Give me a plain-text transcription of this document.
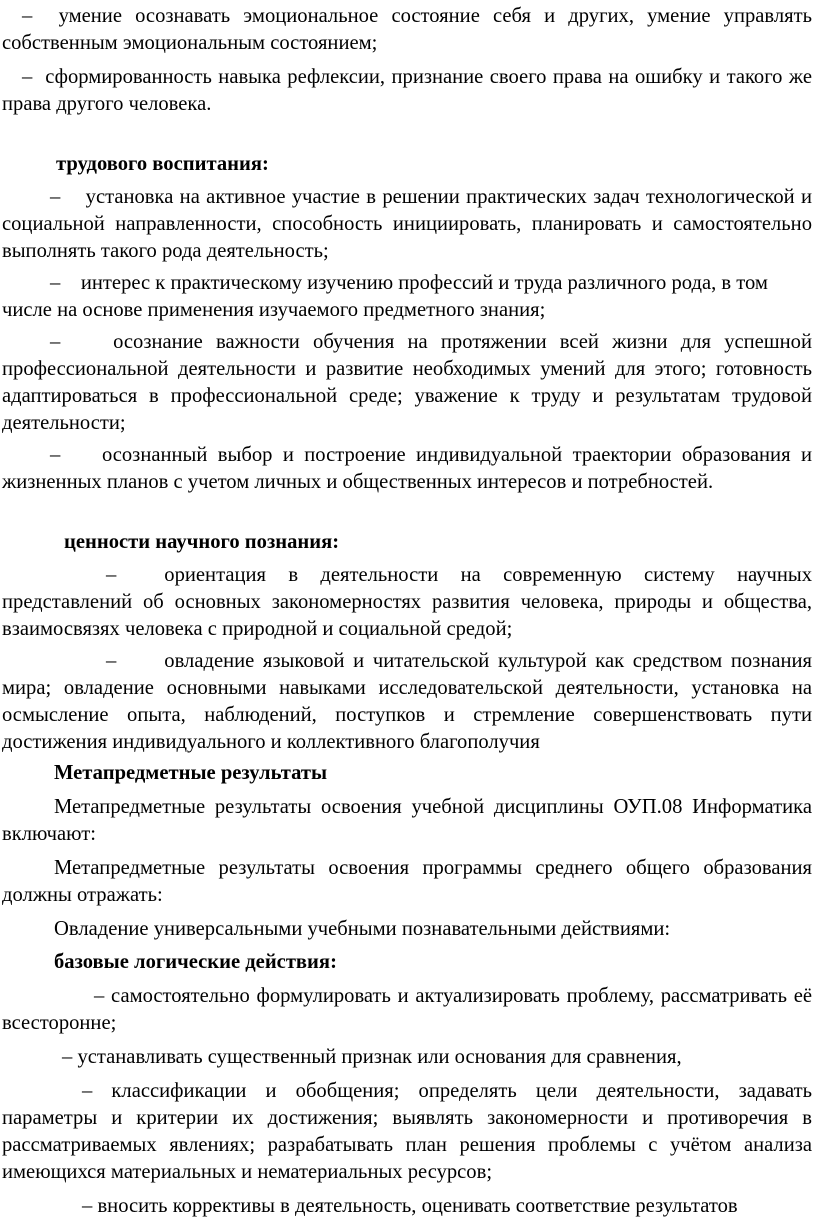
– умение осознавать эмоциональное состояние себя и других, умение управлять собственным эмоциональным состоянием;

– сформированность навыка рефлексии, признание своего права на ошибку и такого же права другого человека.

трудового воспитания:

– установка на активное участие в решении практических задач технологической и социальной направленности, способность инициировать, планировать и самостоятельно выполнять такого рода деятельность;

– интерес к практическому изучению профессий и труда различного рода, в том числе на основе применения изучаемого предметного знания;

–	осознание важности обучения на протяжении всей жизни для успешной профессиональной деятельности и развитие необходимых умений для этого; готовность адаптироваться в профессиональной среде; уважение к труду и результатам трудовой деятельности;

– осознанный выбор и построение индивидуальной траектории образования и жизненных планов с учетом личных и общественных интересов и потребностей.

ценности научного познания:

– ориентация в деятельности на современную систему научных представлений об основных закономерностях развития человека, природы и общества, взаимосвязях человека с природной и социальной средой;

– овладение языковой и читательской культурой как средством познания мира; овладение основными навыками исследовательской деятельности, установка на осмысление опыта, наблюдений, поступков и стремление совершенствовать пути достижения индивидуального и коллективного благополучия

Метапредметные результаты

Метапредметные результаты освоения учебной дисциплины ОУП.08 Информатика включают:

Метапредметные результаты освоения программы среднего общего образования должны отражать:

Овладение универсальными учебными познавательными действиями:

базовые логические действия:

– самостоятельно формулировать и актуализировать проблему, рассматривать её всесторонне;

– устанавливать существенный признак или основания для сравнения,

– классификации и обобщения; определять цели деятельности, задавать параметры и критерии их достижения; выявлять закономерности и противоречия в рассматриваемых явлениях; разрабатывать план решения проблемы с учётом анализа имеющихся материальных и нематериальных ресурсов;

– вносить коррективы в деятельность, оценивать соответствие результатов
